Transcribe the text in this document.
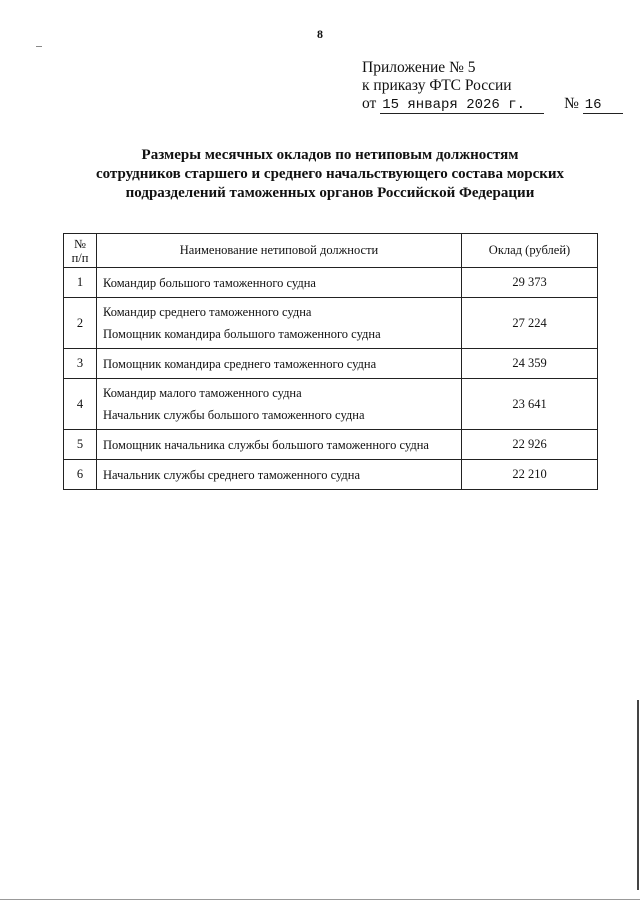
8
Приложение № 5
к приказу ФТС России
от 15 января 2026 г.	№ 16
Размеры месячных окладов по нетиповым должностям
сотрудников старшего и среднего начальствующего состава морских
подразделений таможенных органов Российской Федерации
№
п/п	Наименование нетиповой должности	Оклад (рублей)
1	Командир большого таможенного судна	29 373
2	Командир среднего таможенного судна
Помощник командира большого таможенного судна	27 224
3	Помощник командира среднего таможенного судна	24 359
4	Командир малого таможенного судна
Начальник службы большого таможенного судна	23 641
5	Помощник начальника службы большого таможенного судна	22 926
6	Начальник службы среднего таможенного судна	22 210
